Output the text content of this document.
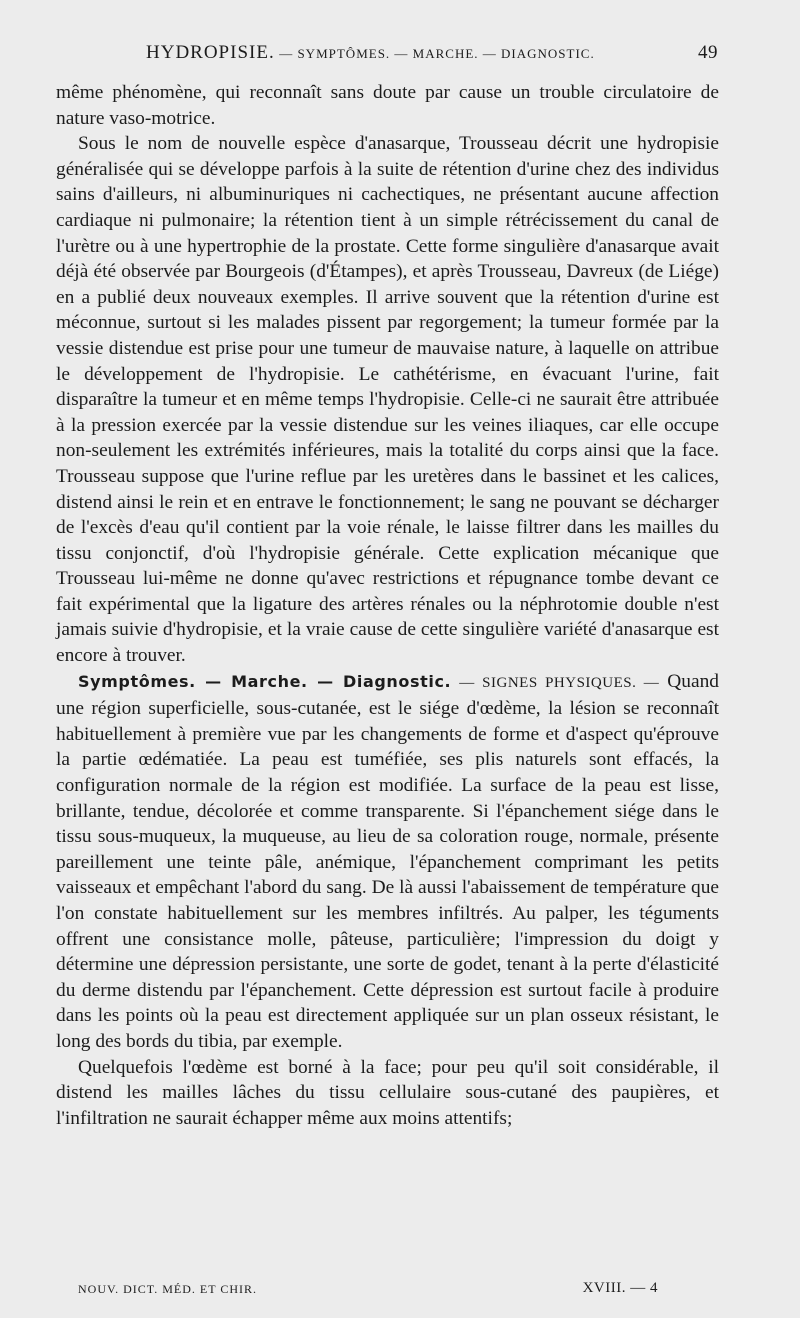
HYDROPISIE. — SYMPTÔMES. — MARCHE. — DIAGNOSTIC.	49

même phénomène, qui reconnaît sans doute par cause un trouble circulatoire de nature vaso-motrice.

Sous le nom de nouvelle espèce d'anasarque, Trousseau décrit une hydropisie généralisée qui se développe parfois à la suite de rétention d'urine chez des individus sains d'ailleurs, ni albuminuriques ni cachectiques, ne présentant aucune affection cardiaque ni pulmonaire; la rétention tient à un simple rétrécissement du canal de l'urètre ou à une hypertrophie de la prostate. Cette forme singulière d'anasarque avait déjà été observée par Bourgeois (d'Étampes), et après Trousseau, Davreux (de Liége) en a publié deux nouveaux exemples. Il arrive souvent que la rétention d'urine est méconnue, surtout si les malades pissent par regorgement; la tumeur formée par la vessie distendue est prise pour une tumeur de mauvaise nature, à laquelle on attribue le développement de l'hydropisie. Le cathétérisme, en évacuant l'urine, fait disparaître la tumeur et en même temps l'hydropisie. Celle-ci ne saurait être attribuée à la pression exercée par la vessie distendue sur les veines iliaques, car elle occupe non-seulement les extrémités inférieures, mais la totalité du corps ainsi que la face. Trousseau suppose que l'urine reflue par les uretères dans le bassinet et les calices, distend ainsi le rein et en entrave le fonctionnement; le sang ne pouvant se décharger de l'excès d'eau qu'il contient par la voie rénale, le laisse filtrer dans les mailles du tissu conjonctif, d'où l'hydropisie générale. Cette explication mécanique que Trousseau lui-même ne donne qu'avec restrictions et répugnance tombe devant ce fait expérimental que la ligature des artères rénales ou la néphrotomie double n'est jamais suivie d'hydropisie, et la vraie cause de cette singulière variété d'anasarque est encore à trouver.

Symptômes. — Marche. — Diagnostic. — SIGNES PHYSIQUES. — Quand une région superficielle, sous-cutanée, est le siége d'œdème, la lésion se reconnaît habituellement à première vue par les changements de forme et d'aspect qu'éprouve la partie œdématiée. La peau est tuméfiée, ses plis naturels sont effacés, la configuration normale de la région est modifiée. La surface de la peau est lisse, brillante, tendue, décolorée et comme transparente. Si l'épanchement siége dans le tissu sous-muqueux, la muqueuse, au lieu de sa coloration rouge, normale, présente pareillement une teinte pâle, anémique, l'épanchement comprimant les petits vaisseaux et empêchant l'abord du sang. De là aussi l'abaissement de température que l'on constate habituellement sur les membres infiltrés. Au palper, les téguments offrent une consistance molle, pâteuse, particulière; l'impression du doigt y détermine une dépression persistante, une sorte de godet, tenant à la perte d'élasticité du derme distendu par l'épanchement. Cette dépression est surtout facile à produire dans les points où la peau est directement appliquée sur un plan osseux résistant, le long des bords du tibia, par exemple.

Quelquefois l'œdème est borné à la face; pour peu qu'il soit considérable, il distend les mailles lâches du tissu cellulaire sous-cutané des paupières, et l'infiltration ne saurait échapper même aux moins attentifs;

NOUV. DICT. MÉD. ET CHIR.	XVIII. — 4
